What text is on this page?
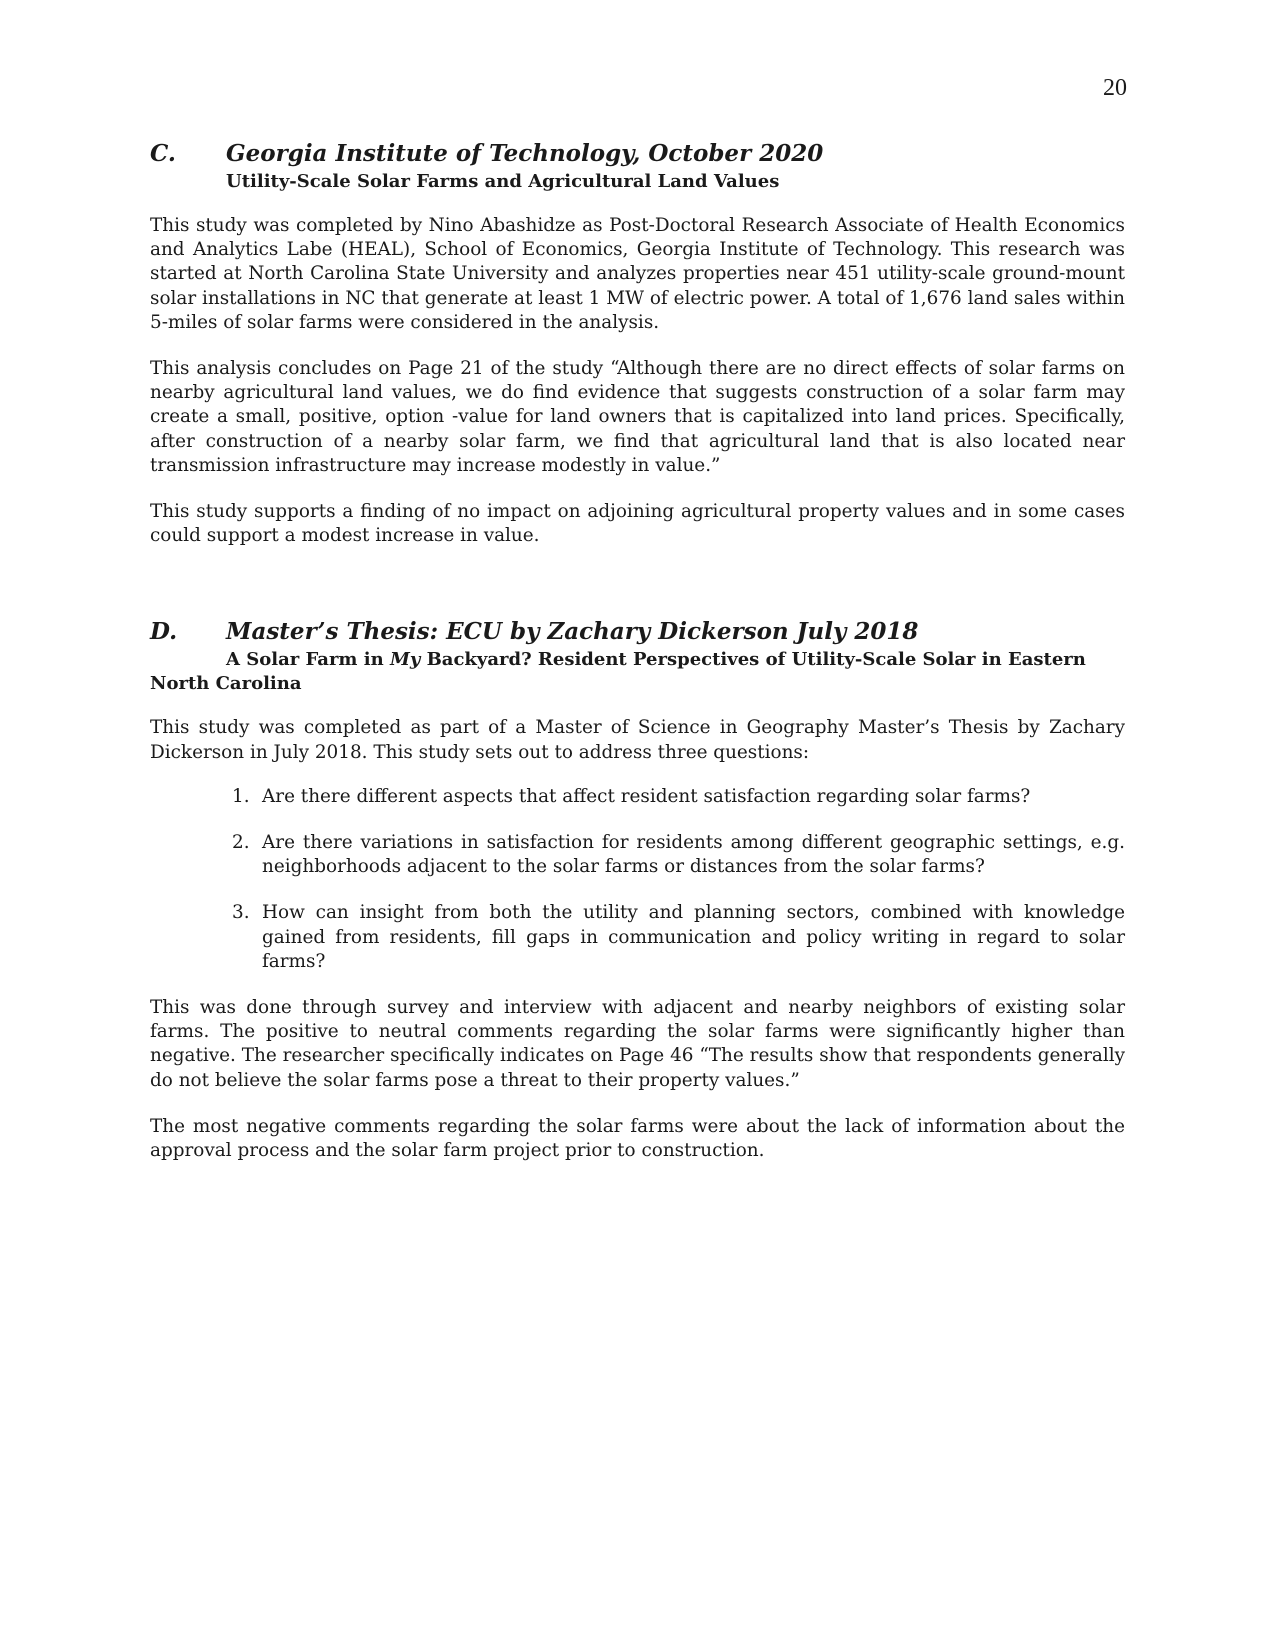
20
C.	Georgia Institute of Technology, October 2020
Utility-Scale Solar Farms and Agricultural Land Values

This study was completed by Nino Abashidze as Post-Doctoral Research Associate of Health Economics and Analytics Labe (HEAL), School of Economics, Georgia Institute of Technology. This research was started at North Carolina State University and analyzes properties near 451 utility-scale ground-mount solar installations in NC that generate at least 1 MW of electric power. A total of 1,676 land sales within 5-miles of solar farms were considered in the analysis.

This analysis concludes on Page 21 of the study “Although there are no direct effects of solar farms on nearby agricultural land values, we do find evidence that suggests construction of a solar farm may create a small, positive, option -value for land owners that is capitalized into land prices. Specifically, after construction of a nearby solar farm, we find that agricultural land that is also located near transmission infrastructure may increase modestly in value.”

This study supports a finding of no impact on adjoining agricultural property values and in some cases could support a modest increase in value.

D.	Master’s Thesis: ECU by Zachary Dickerson July 2018
A Solar Farm in My Backyard? Resident Perspectives of Utility-Scale Solar in Eastern North Carolina

This study was completed as part of a Master of Science in Geography Master’s Thesis by Zachary Dickerson in July 2018. This study sets out to address three questions:

1. Are there different aspects that affect resident satisfaction regarding solar farms?
2. Are there variations in satisfaction for residents among different geographic settings, e.g. neighborhoods adjacent to the solar farms or distances from the solar farms?
3. How can insight from both the utility and planning sectors, combined with knowledge gained from residents, fill gaps in communication and policy writing in regard to solar farms?

This was done through survey and interview with adjacent and nearby neighbors of existing solar farms. The positive to neutral comments regarding the solar farms were significantly higher than negative. The researcher specifically indicates on Page 46 “The results show that respondents generally do not believe the solar farms pose a threat to their property values.”

The most negative comments regarding the solar farms were about the lack of information about the approval process and the solar farm project prior to construction.
